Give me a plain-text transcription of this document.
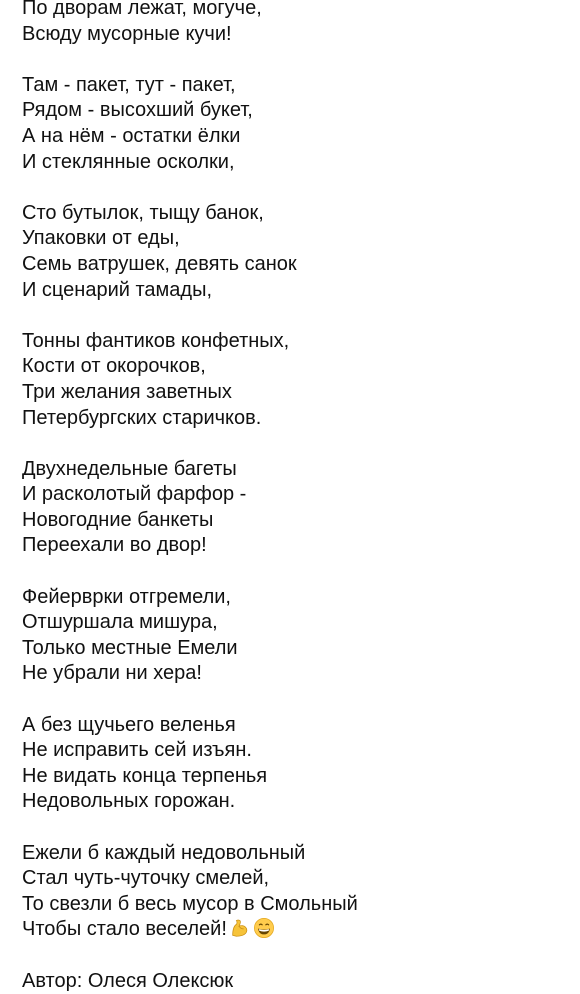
По дворам лежат, могуче,
Всюду мусорные кучи!
Там - пакет, тут - пакет,
Рядом - высохший букет,
А на нём - остатки ёлки
И стеклянные осколки,
Сто бутылок, тыщу банок,
Упаковки от еды,
Семь ватрушек, девять санок
И сценарий тамады,
Тонны фантиков конфетных,
Кости от окорочков,
Три желания заветных
Петербургских старичков.
Двухнедельные багеты
И расколотый фарфор -
Новогодние банкеты
Переехали во двор!
Фейерврки отгремели,
Отшуршала мишура,
Только местные Емели
Не убрали ни хера!
А без щучьего веленья
Не исправить сей изъян.
Не видать конца терпенья
Недовольных горожан.
Ежели б каждый недовольный
Стал чуть-чуточку смелей,
То свезли б весь мусор в Смольный
Чтобы стало веселей!
Автор: Олеся Олексюк
